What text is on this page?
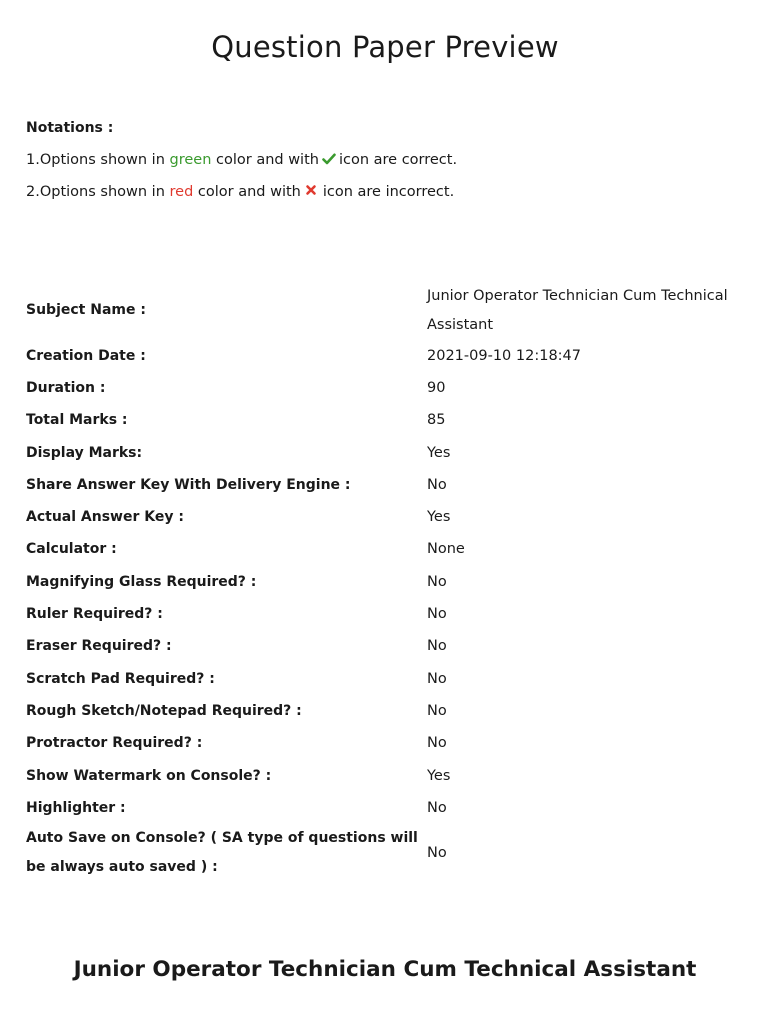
Question Paper Preview
Notations :
1.Options shown in green color and with icon are correct.
2.Options shown in red color and with icon are incorrect.
Subject Name :	Junior Operator Technician Cum Technical Assistant
Creation Date :	2021-09-10 12:18:47
Duration :	90
Total Marks :	85
Display Marks:	Yes
Share Answer Key With Delivery Engine :	No
Actual Answer Key :	Yes
Calculator :	None
Magnifying Glass Required? :	No
Ruler Required? :	No
Eraser Required? :	No
Scratch Pad Required? :	No
Rough Sketch/Notepad Required? :	No
Protractor Required? :	No
Show Watermark on Console? :	Yes
Highlighter :	No
Auto Save on Console? ( SA type of questions will be always auto saved ) :	No
Junior Operator Technician Cum Technical Assistant
